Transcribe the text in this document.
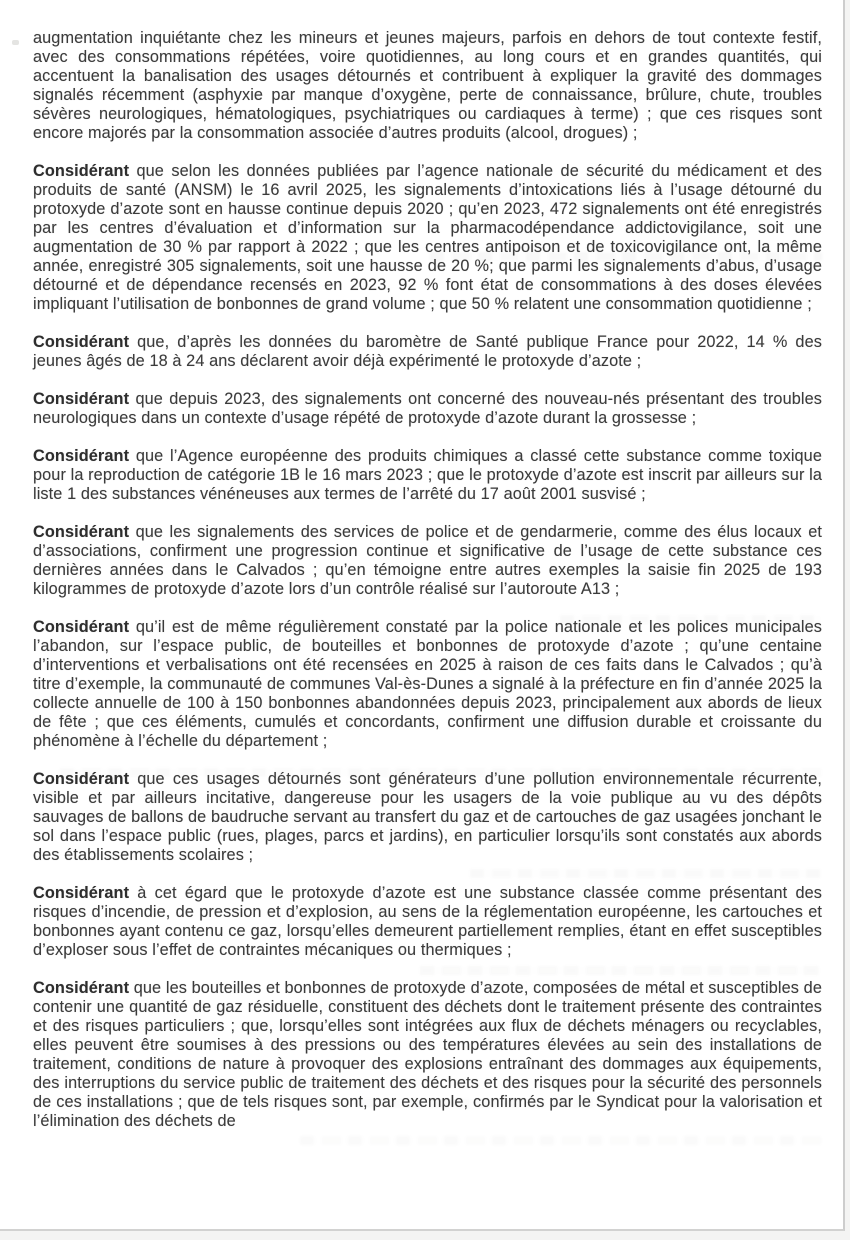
augmentation inquiétante chez les mineurs et jeunes majeurs, parfois en dehors de tout contexte festif, avec des consommations répétées, voire quotidiennes, au long cours et en grandes quantités, qui accentuent la banalisation des usages détournés et contribuent à expliquer la gravité des dommages signalés récemment (asphyxie par manque d’oxygène, perte de connaissance, brûlure, chute, troubles sévères neurologiques, hématologiques, psychiatriques ou cardiaques à terme) ; que ces risques sont encore majorés par la consommation associée d’autres produits (alcool, drogues) ;

Considérant que selon les données publiées par l’agence nationale de sécurité du médicament et des produits de santé (ANSM) le 16 avril 2025, les signalements d’intoxications liés à l’usage détourné du protoxyde d’azote sont en hausse continue depuis 2020 ; qu’en 2023, 472 signalements ont été enregistrés par les centres d’évaluation et d’information sur la pharmacodépendance addictovigilance, soit une augmentation de 30 % par rapport à 2022 ; que les centres antipoison et de toxicovigilance ont, la même année, enregistré 305 signalements, soit une hausse de 20 %; que parmi les signalements d’abus, d’usage détourné et de dépendance recensés en 2023, 92 % font état de consommations à des doses élevées impliquant l’utilisation de bonbonnes de grand volume ; que 50 % relatent une consommation quotidienne ;

Considérant que, d’après les données du baromètre de Santé publique France pour 2022, 14 % des jeunes âgés de 18 à 24 ans déclarent avoir déjà expérimenté le protoxyde d’azote ;

Considérant que depuis 2023, des signalements ont concerné des nouveau-nés présentant des troubles neurologiques dans un contexte d’usage répété de protoxyde d’azote durant la grossesse ;

Considérant que l’Agence européenne des produits chimiques a classé cette substance comme toxique pour la reproduction de catégorie 1B le 16 mars 2023 ; que le protoxyde d’azote est inscrit par ailleurs sur la liste 1 des substances vénéneuses aux termes de l’arrêté du 17 août 2001 susvisé ;

Considérant que les signalements des services de police et de gendarmerie, comme des élus locaux et d’associations, confirment une progression continue et significative de l’usage de cette substance ces dernières années dans le Calvados ; qu’en témoigne entre autres exemples la saisie fin 2025 de 193 kilogrammes de protoxyde d’azote lors d’un contrôle réalisé sur l’autoroute A13 ;

Considérant qu’il est de même régulièrement constaté par la police nationale et les polices municipales l’abandon, sur l’espace public, de bouteilles et bonbonnes de protoxyde d’azote ; qu’une centaine d’interventions et verbalisations ont été recensées en 2025 à raison de ces faits dans le Calvados ; qu’à titre d’exemple, la communauté de communes Val-ès-Dunes a signalé à la préfecture en fin d’année 2025 la collecte annuelle de 100 à 150 bonbonnes abandonnées depuis 2023, principalement aux abords de lieux de fête ; que ces éléments, cumulés et concordants, confirment une diffusion durable et croissante du phénomène à l’échelle du département ;

Considérant que ces usages détournés sont générateurs d’une pollution environnementale récurrente, visible et par ailleurs incitative, dangereuse pour les usagers de la voie publique au vu des dépôts sauvages de ballons de baudruche servant au transfert du gaz et de cartouches de gaz usagées jonchant le sol dans l’espace public (rues, plages, parcs et jardins), en particulier lorsqu’ils sont constatés aux abords des établissements scolaires ;

Considérant à cet égard que le protoxyde d’azote est une substance classée comme présentant des risques d’incendie, de pression et d’explosion, au sens de la réglementation européenne, les cartouches et bonbonnes ayant contenu ce gaz, lorsqu’elles demeurent partiellement remplies, étant en effet susceptibles d’exploser sous l’effet de contraintes mécaniques ou thermiques ;

Considérant que les bouteilles et bonbonnes de protoxyde d’azote, composées de métal et susceptibles de contenir une quantité de gaz résiduelle, constituent des déchets dont le traitement présente des contraintes et des risques particuliers ; que, lorsqu’elles sont intégrées aux flux de déchets ménagers ou recyclables, elles peuvent être soumises à des pressions ou des températures élevées au sein des installations de traitement, conditions de nature à provoquer des explosions entraînant des dommages aux équipements, des interruptions du service public de traitement des déchets et des risques pour la sécurité des personnels de ces installations ; que de tels risques sont, par exemple, confirmés par le Syndicat pour la valorisation et l’élimination des déchets de
